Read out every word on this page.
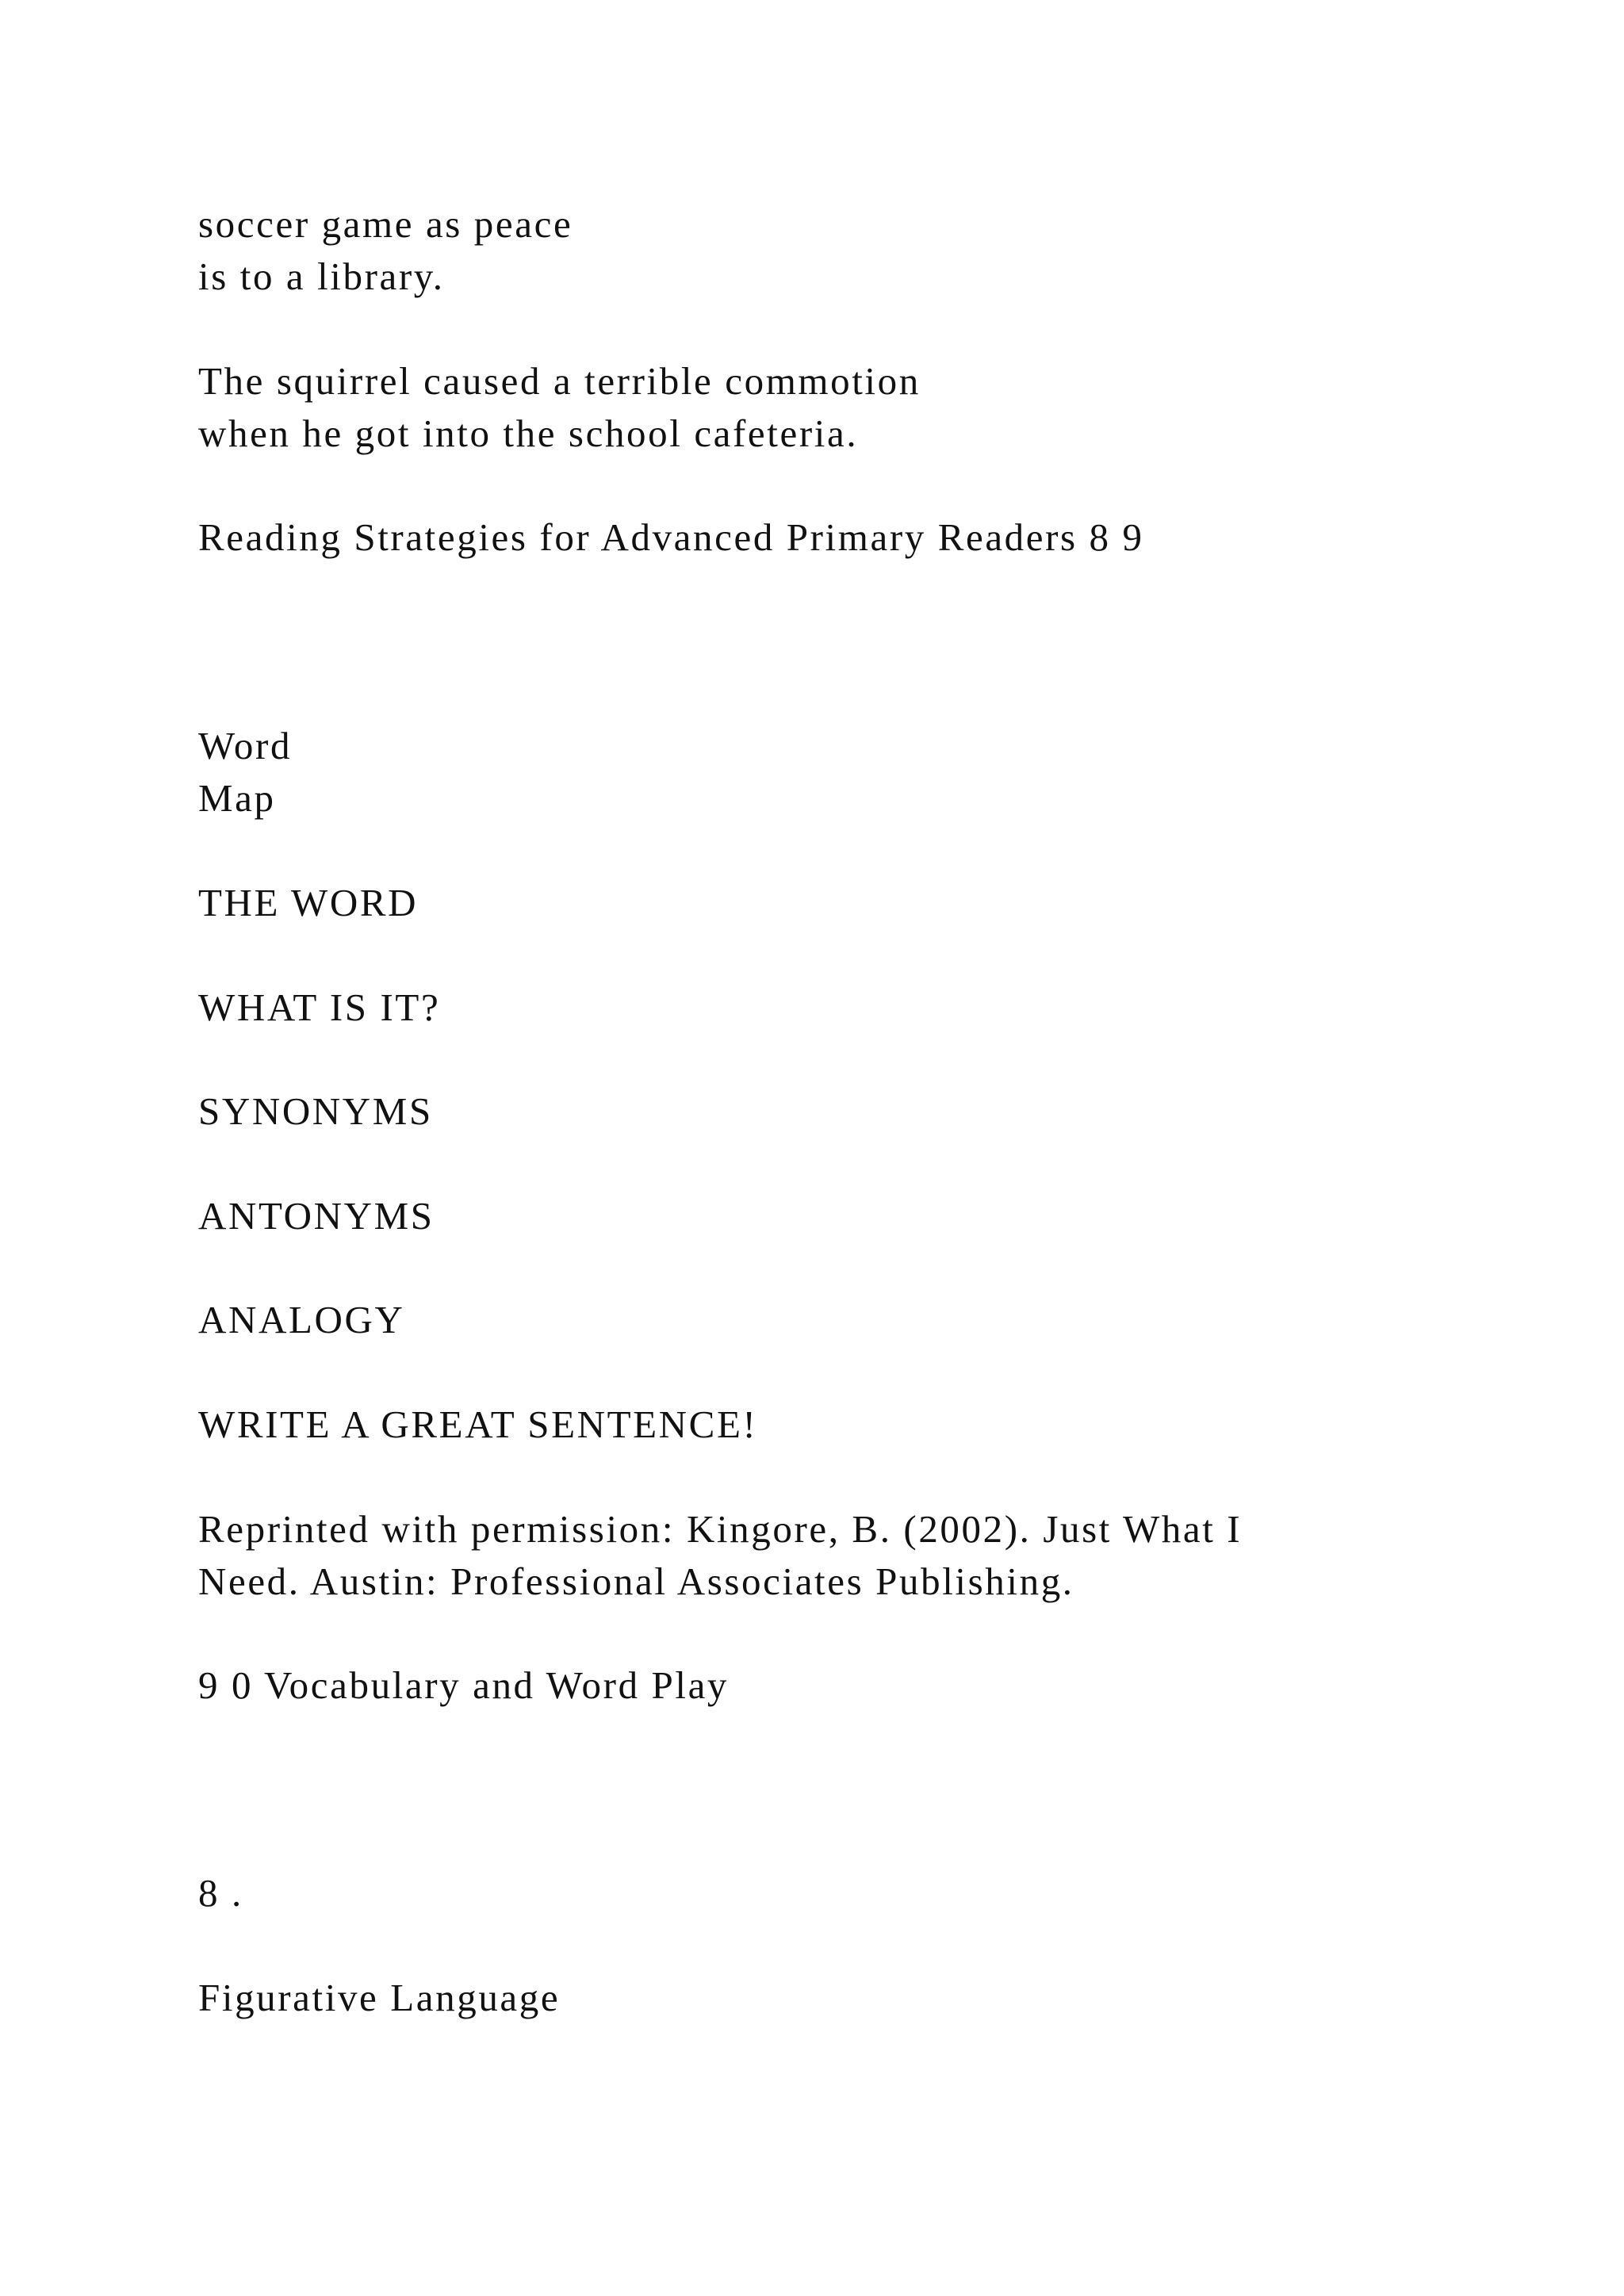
soccer game as peace
is to a library.
The squirrel caused a terrible commotion
when he got into the school cafeteria.
Reading Strategies for Advanced Primary Readers 8 9
Word
Map
THE WORD
WHAT IS IT?
SYNONYMS
ANTONYMS
ANALOGY
WRITE A GREAT SENTENCE!
Reprinted with permission: Kingore, B. (2002). Just What I
Need. Austin: Professional Associates Publishing.
9 0 Vocabulary and Word Play
8 .
Figurative Language
